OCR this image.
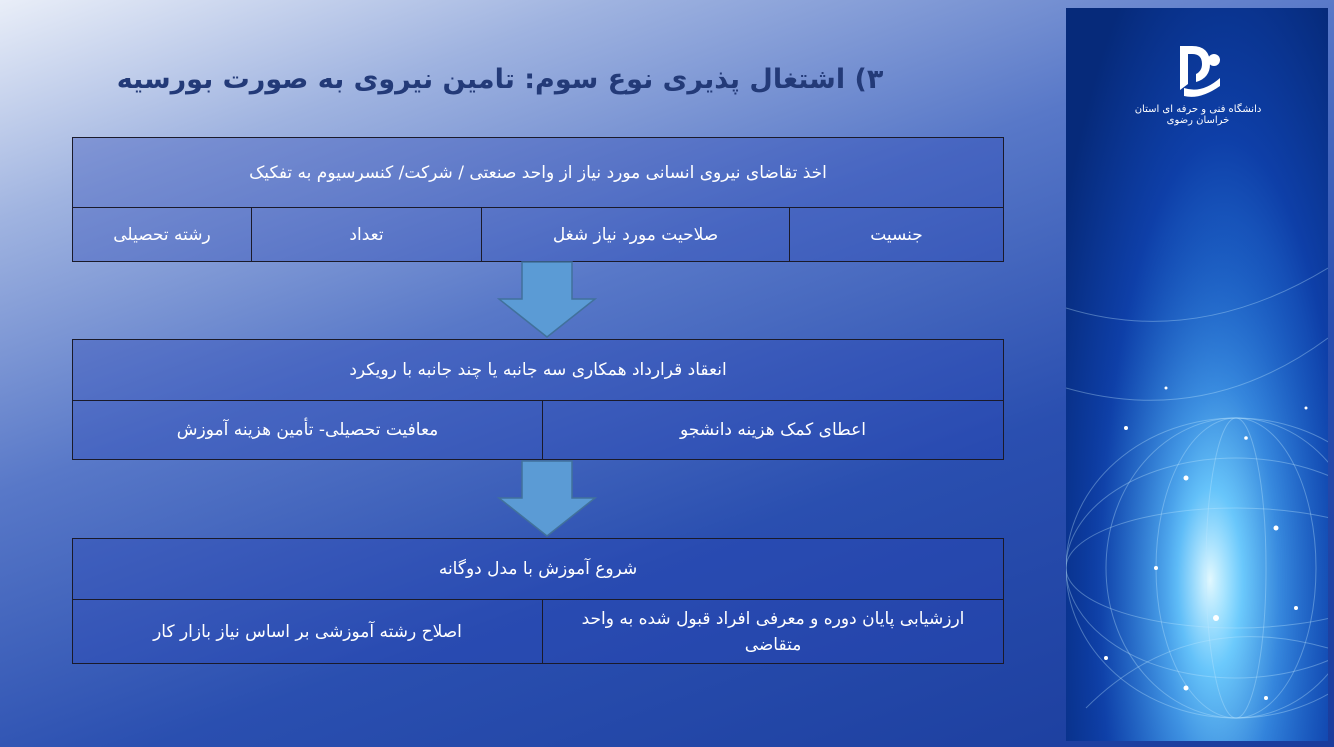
۳) اشتغال پذیری نوع سوم: تامین نیروی به صورت بورسیه
دانشگاه فنی و حرفه ای استان خراسان رضوی
اخذ تقاضای نیروی انسانی مورد نیاز از واحد صنعتی / شرکت/ کنسرسیوم به تفکیک
جنسیت
صلاحیت مورد نیاز شغل
تعداد
رشته تحصیلی
انعقاد قرارداد همکاری سه جانبه یا چند جانبه با رویکرد
اعطای کمک هزینه دانشجو
معافیت تحصیلی- تأمین هزینه آموزش
شروع آموزش با مدل دوگانه
ارزشیابی پایان دوره و معرفی افراد قبول شده به واحد متقاضی
اصلاح رشته آموزشی بر اساس نیاز بازار کار
